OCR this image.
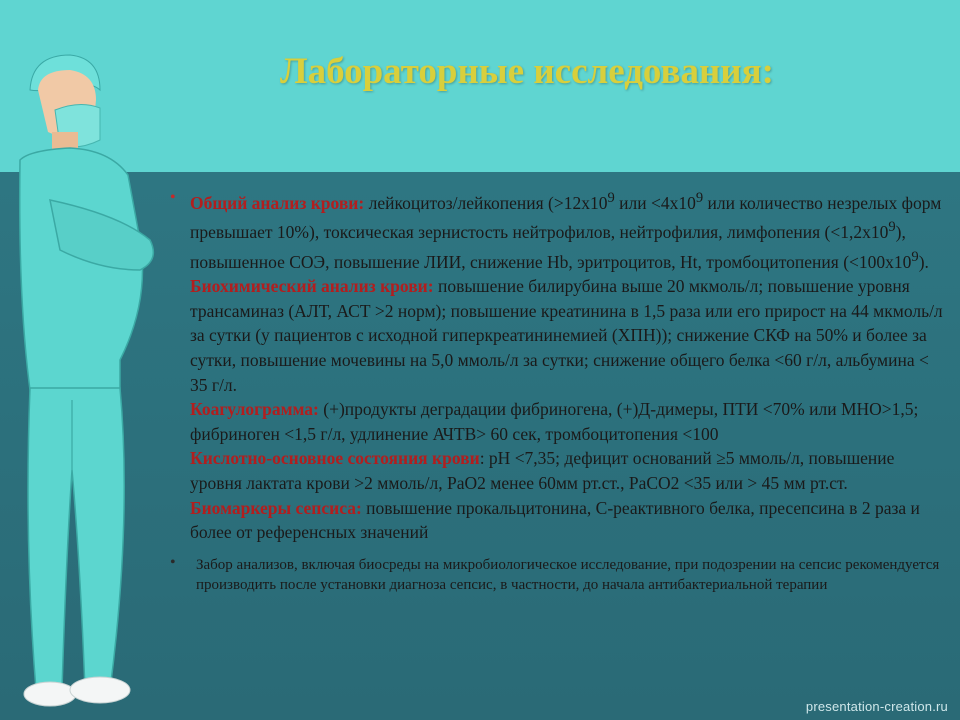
Лабораторные исследования:
• Общий анализ крови: лейкоцитоз/лейкопения ($>12х10^9$ или $<4х10^9$ или количество незрелых форм превышает 10%), токсическая зернистость нейтрофилов, нейтрофилия, лимфопения $(<1,2х10^9)$, повышенное СОЭ, повышение ЛИИ, снижение Hb, эритроцитов, Ht, тромбоцитопения $(<100х10^9)$.
Биохимический анализ крови: повышение билирубина выше 20 мкмоль/л; повышение уровня трансаминаз (АЛТ, АСТ >2 норм); повышение креатинина в 1,5 раза или его прирост на 44 мкмоль/л за сутки (у пациентов с исходной гиперкреатининемией (ХПН)); снижение СКФ на 50% и более за сутки, повышение мочевины на 5,0 ммоль/л за сутки; снижение общего белка <60 г/л, альбумина < 35 г/л.
Коагулограмма: (+)продукты деградации фибриногена, (+)Д-димеры, ПТИ <70% или МНО>1,5; фибриноген <1,5 г/л, удлинение АЧТВ> 60 сек, тромбоцитопения <100
Кислотно-основное состояния крови: pH <7,35; дефицит оснований ≥5 ммоль/л, повышение уровня лактата крови >2 ммоль/л, PaO2 менее 60мм рт.ст., PaCO2 <35 или > 45 мм рт.ст.
Биомаркеры сепсиса: повышение прокальцитонина, С-реактивного белка, пресепсина в 2 раза и более от референсных значений
• Забор анализов, включая биосреды на микробиологическое исследование, при подозрении на сепсис рекомендуется производить после установки диагноза сепсис, в частности, до начала антибактериальной терапии
presentation-creation.ru
